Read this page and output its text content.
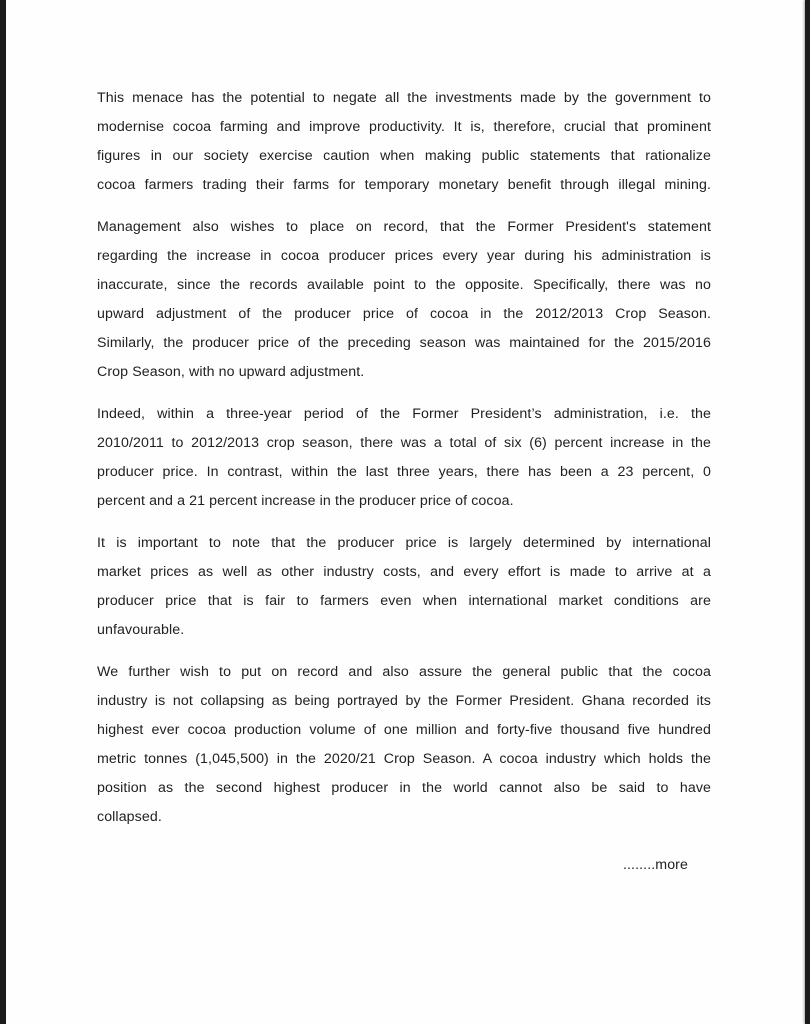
This menace has the potential to negate all the investments made by the government to
modernise cocoa farming and improve productivity. It is, therefore, crucial that prominent
figures in our society exercise caution when making public statements that rationalize
cocoa farmers trading their farms for temporary monetary benefit through illegal mining.
Management also wishes to place on record, that the Former President's statement
regarding the increase in cocoa producer prices every year during his administration is
inaccurate, since the records available point to the opposite. Specifically, there was no
upward adjustment of the producer price of cocoa in the 2012/2013 Crop Season.
Similarly, the producer price of the preceding season was maintained for the 2015/2016
Crop Season, with no upward adjustment.
Indeed, within a three-year period of the Former President’s administration, i.e. the
2010/2011 to 2012/2013 crop season, there was a total of six (6) percent increase in the
producer price. In contrast, within the last three years, there has been a 23 percent, 0
percent and a 21 percent increase in the producer price of cocoa.
It is important to note that the producer price is largely determined by international
market prices as well as other industry costs, and every effort is made to arrive at a
producer price that is fair to farmers even when international market conditions are
unfavourable.
We further wish to put on record and also assure the general public that the cocoa
industry is not collapsing as being portrayed by the Former President. Ghana recorded its
highest ever cocoa production volume of one million and forty-five thousand five hundred
metric tonnes (1,045,500) in the 2020/21 Crop Season. A cocoa industry which holds the
position as the second highest producer in the world cannot also be said to have
collapsed.
........more
